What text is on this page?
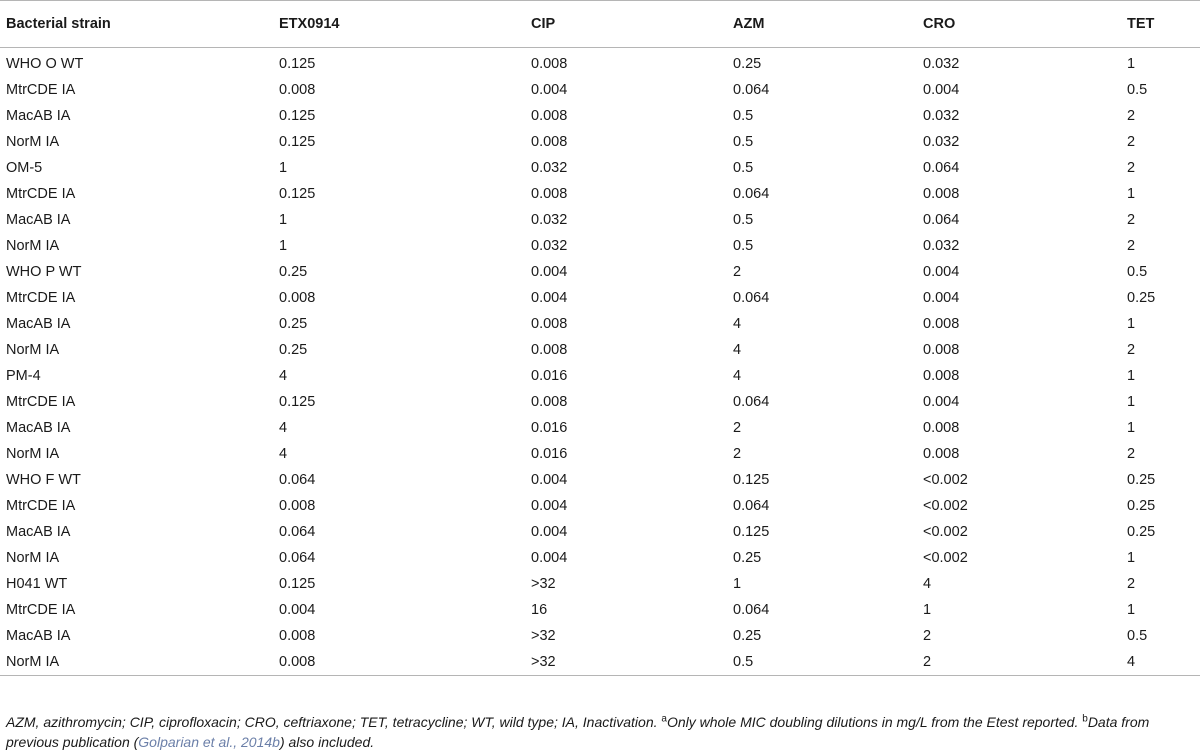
Bacterial strain	ETX0914	CIP	AZM	CRO	TET
WHO O WT	0.125	0.008	0.25	0.032	1
MtrCDE IA	0.008	0.004	0.064	0.004	0.5
MacAB IA	0.125	0.008	0.5	0.032	2
NorM IA	0.125	0.008	0.5	0.032	2
OM-5	1	0.032	0.5	0.064	2
MtrCDE IA	0.125	0.008	0.064	0.008	1
MacAB IA	1	0.032	0.5	0.064	2
NorM IA	1	0.032	0.5	0.032	2
WHO P WT	0.25	0.004	2	0.004	0.5
MtrCDE IA	0.008	0.004	0.064	0.004	0.25
MacAB IA	0.25	0.008	4	0.008	1
NorM IA	0.25	0.008	4	0.008	2
PM-4	4	0.016	4	0.008	1
MtrCDE IA	0.125	0.008	0.064	0.004	1
MacAB IA	4	0.016	2	0.008	1
NorM IA	4	0.016	2	0.008	2
WHO F WT	0.064	0.004	0.125	<0.002	0.25
MtrCDE IA	0.008	0.004	0.064	<0.002	0.25
MacAB IA	0.064	0.004	0.125	<0.002	0.25
NorM IA	0.064	0.004	0.25	<0.002	1
H041 WT	0.125	>32	1	4	2
MtrCDE IA	0.004	16	0.064	1	1
MacAB IA	0.008	>32	0.25	2	0.5
NorM IA	0.008	>32	0.5	2	4
AZM, azithromycin; CIP, ciprofloxacin; CRO, ceftriaxone; TET, tetracycline; WT, wild type; IA, Inactivation. $^a$Only whole MIC doubling dilutions in mg/L from the Etest reported. $^b$Data from previous publication (Golparian et al., 2014b) also included.
